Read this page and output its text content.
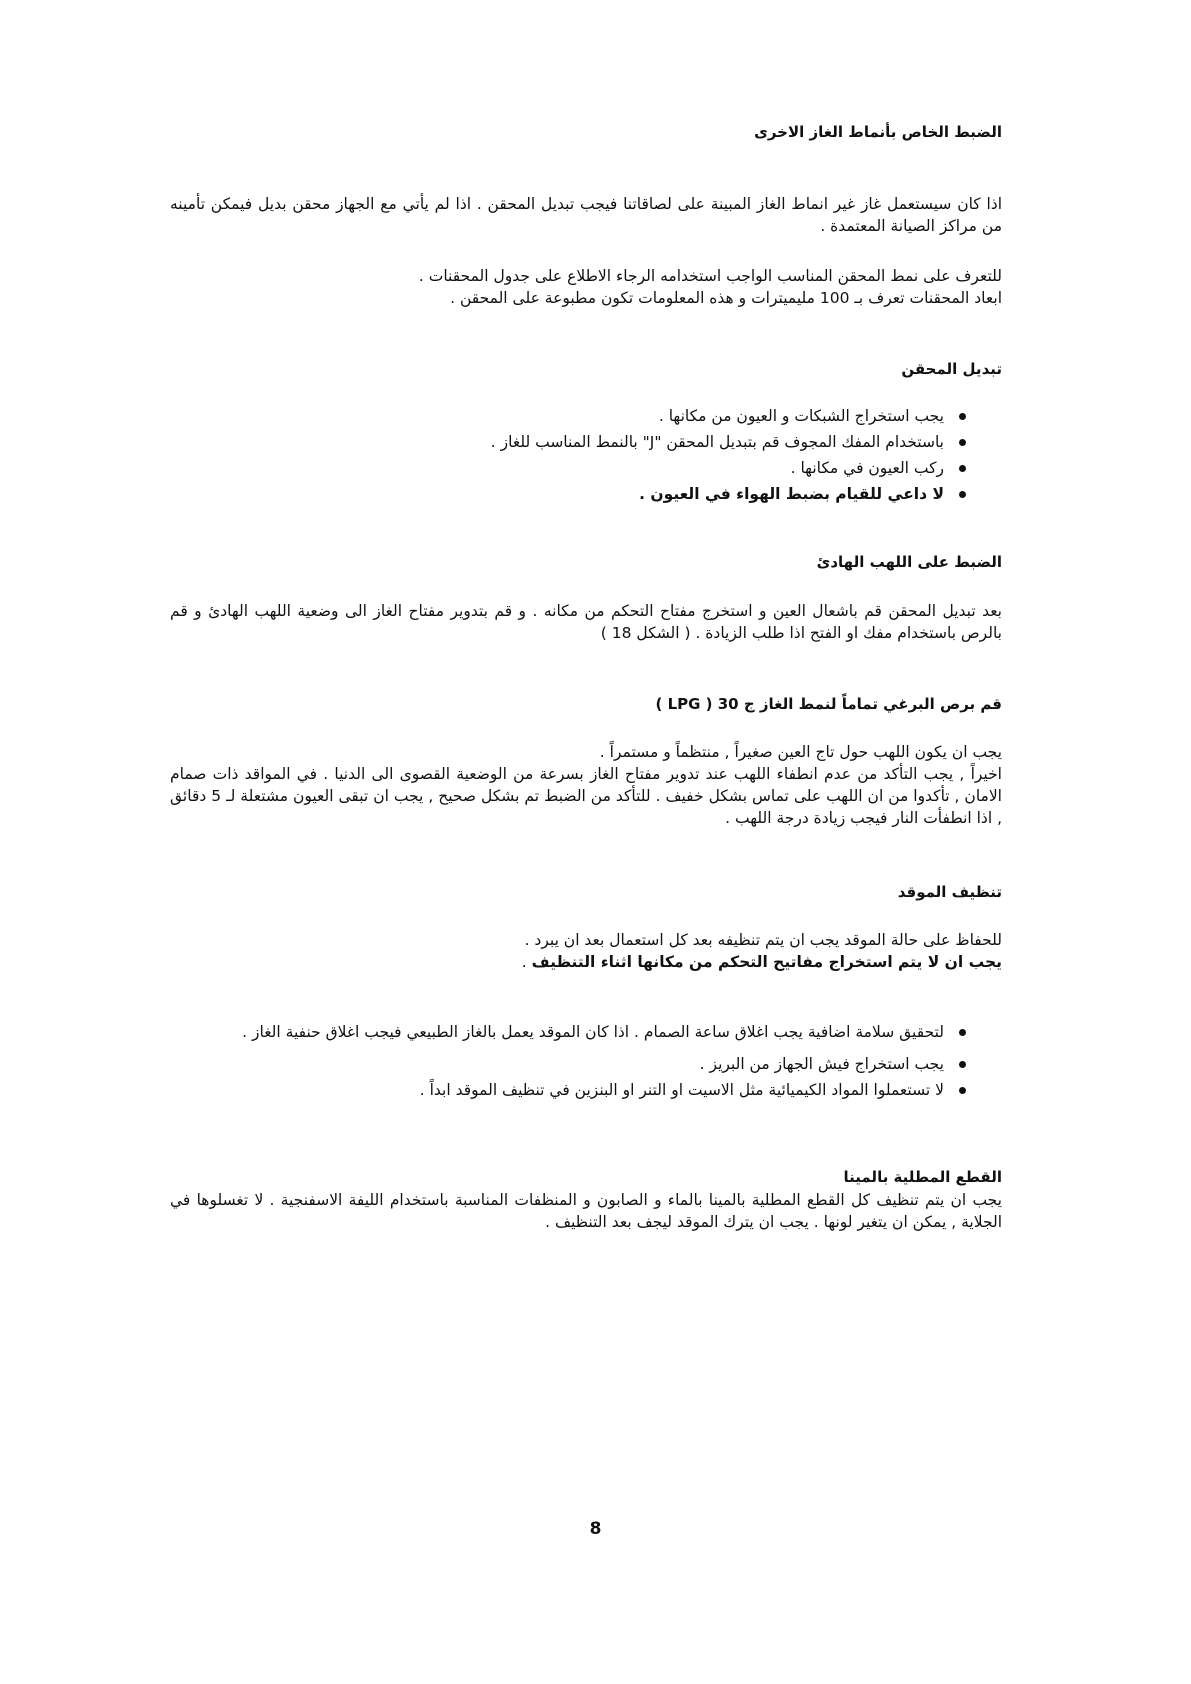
الضبط الخاص بأنماط الغاز الاخرى

اذا كان سيستعمل غاز غير انماط الغاز المبينة على لصاقاتنا فيجب تبديل المحقن . اذا لم يأتي مع الجهاز محقن بديل فيمكن تأمينه من مراكز الصيانة المعتمدة .

للتعرف على نمط المحقن المناسب الواجب استخدامه الرجاء الاطلاع على جدول المحقنات .

ابعاد المحقنات تعرف بـ 100 مليميترات و هذه المعلومات تكون مطبوعة على المحقن .

تبديل المحقن
يجب استخراج الشبكات و العيون من مكانها .
باستخدام المفك المجوف قم بتبديل المحقن "J" بالنمط المناسب للغاز .
ركب العيون في مكانها .
لا داعي للقيام بضبط الهواء في العيون .
الضبط على اللهب الهادئ

بعد تبديل المحقن قم باشعال العين و استخرج مفتاح التحكم من مكانه . و قم بتدوير مفتاح الغاز الى وضعية اللهب الهادئ و قم بالرص باستخدام مفك او الفتح اذا طلب الزيادة . ( الشكل 18 )

قم برص البرغي تماماً لنمط الغاز ج 30 ( LPG )

يجب ان يكون اللهب حول تاج العين صغيراً , منتظماً و مستمراً .

اخيراً , يجب التأكد من عدم انطفاء اللهب عند تدوير مفتاح الغاز بسرعة من الوضعية القصوى الى الدنيا . في المواقد ذات صمام الامان , تأكدوا من ان اللهب على تماس بشكل خفيف . للتأكد من الضبط تم بشكل صحيح , يجب ان تبقى العيون مشتعلة لـ 5 دقائق , اذا انطفأت النار فيجب زيادة درجة اللهب .

تنظيف الموقد

للحفاظ على حالة الموقد يجب ان يتم تنظيفه بعد كل استعمال بعد ان يبرد .

يجب ان لا يتم استخراج مفاتيح التحكم من مكانها اثناء التنظيف .

لتحقيق سلامة اضافية يجب اغلاق ساعة الصمام . اذا كان الموقد يعمل بالغاز الطبيعي فيجب اغلاق حنفية الغاز .
يجب استخراج فيش الجهاز من البريز .
لا تستعملوا المواد الكيميائية مثل الاسيت او التنر او البنزين في تنظيف الموقد ابداً .
القطع المطلية بالمينا

يجب ان يتم تنظيف كل القطع المطلية بالمينا بالماء و الصابون و المنظفات المناسبة باستخدام الليفة الاسفنجية . لا تغسلوها في الجلاية , يمكن ان يتغير لونها . يجب ان يترك الموقد ليجف بعد التنظيف .

8
